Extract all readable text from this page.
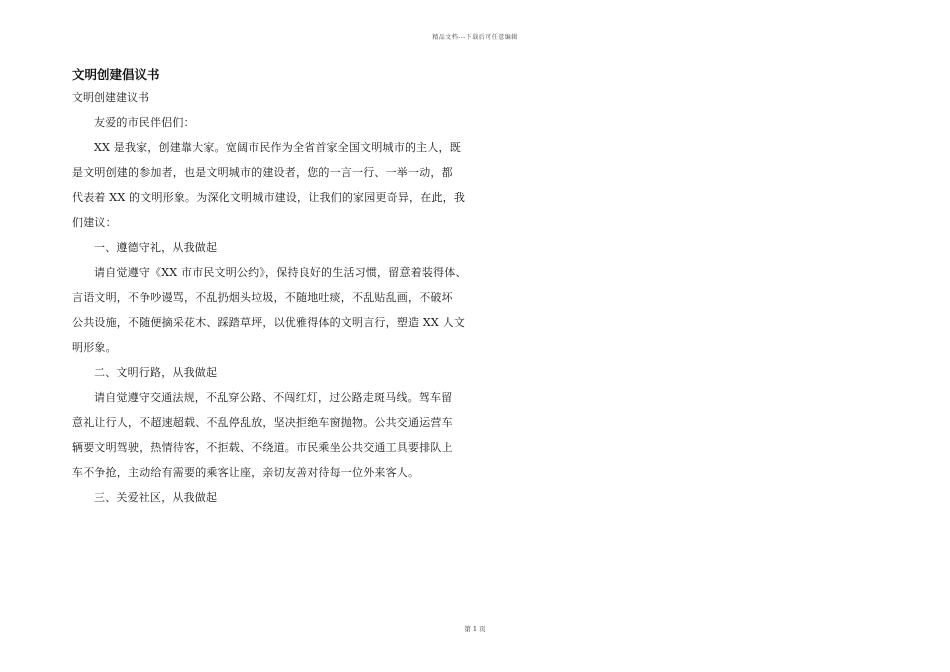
精品文档---下载后可任意编辑
文明创建倡议书
文明创建建议书
友爱的市民伴侣们：
XX 是我家，创建靠大家。宽阔市民作为全省首家全国文明城市的主人，既
是文明创建的参加者，也是文明城市的建设者，您的一言一行、一举一动，都
代表着 XX 的文明形象。为深化文明城市建设，让我们的家园更奇异，在此，我
们建议：
一、遵德守礼，从我做起
请自觉遵守《XX 市市民文明公约》，保持良好的生活习惯，留意着装得体、
言语文明，不争吵谩骂，不乱扔烟头垃圾，不随地吐痰，不乱贴乱画，不破坏
公共设施，不随便摘采花木、踩踏草坪，以优雅得体的文明言行，塑造 XX 人文
明形象。
二、文明行路，从我做起
请自觉遵守交通法规，不乱穿公路、不闯红灯，过公路走斑马线。驾车留
意礼让行人，不超速超载、不乱停乱放，坚决拒绝车窗抛物。公共交通运营车
辆要文明驾驶，热情待客，不拒载、不绕道。市民乘坐公共交通工具要排队上
车不争抢，主动给有需要的乘客让座，亲切友善对待每一位外来客人。
三、关爱社区，从我做起
第 1 页
